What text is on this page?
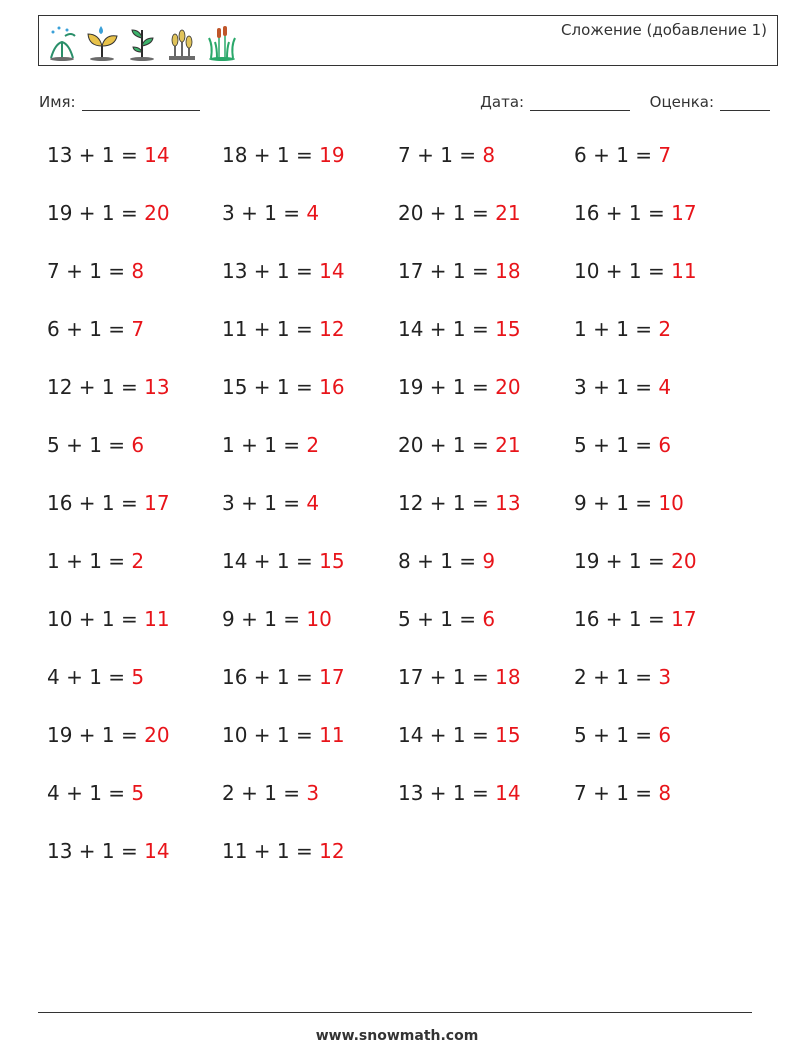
Сложение (добавление 1)
Имя:	Дата:	Оценка:
13 + 1 = 14	18 + 1 = 19	7 + 1 = 8	6 + 1 = 7
19 + 1 = 20	3 + 1 = 4	20 + 1 = 21	16 + 1 = 17
7 + 1 = 8	13 + 1 = 14	17 + 1 = 18	10 + 1 = 11
6 + 1 = 7	11 + 1 = 12	14 + 1 = 15	1 + 1 = 2
12 + 1 = 13	15 + 1 = 16	19 + 1 = 20	3 + 1 = 4
5 + 1 = 6	1 + 1 = 2	20 + 1 = 21	5 + 1 = 6
16 + 1 = 17	3 + 1 = 4	12 + 1 = 13	9 + 1 = 10
1 + 1 = 2	14 + 1 = 15	8 + 1 = 9	19 + 1 = 20
10 + 1 = 11	9 + 1 = 10	5 + 1 = 6	16 + 1 = 17
4 + 1 = 5	16 + 1 = 17	17 + 1 = 18	2 + 1 = 3
19 + 1 = 20	10 + 1 = 11	14 + 1 = 15	5 + 1 = 6
4 + 1 = 5	2 + 1 = 3	13 + 1 = 14	7 + 1 = 8
13 + 1 = 14	11 + 1 = 12
www.snowmath.com
